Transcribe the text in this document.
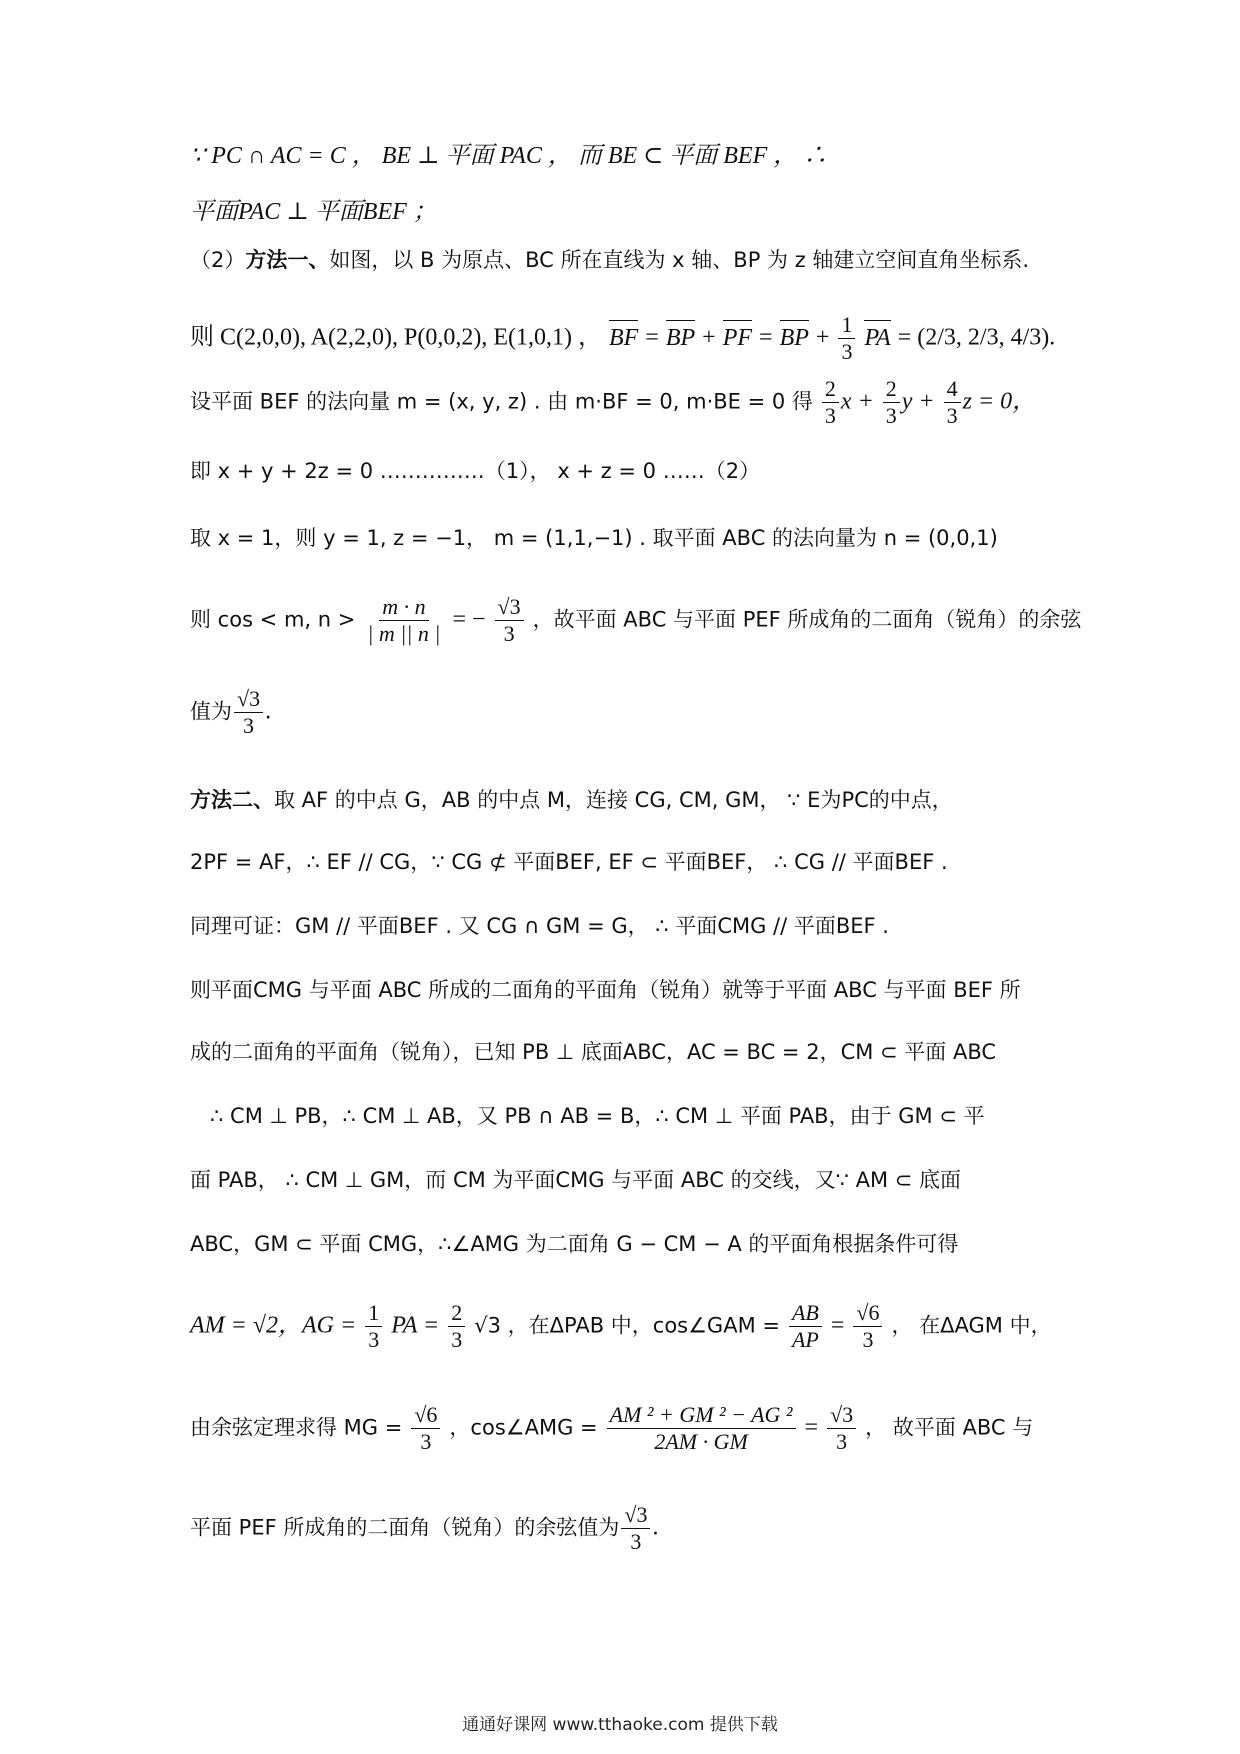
∵ PC ∩ AC = C ， BE ⊥ 平面 PAC ， 而 BE ⊂ 平面 BEF ， ∴
平面PAC ⊥ 平面BEF ；
（2）方法一、如图，以 B 为原点、BC 所在直线为 x 轴、BP 为 z 轴建立空间直角坐标系.
则 C(2,0,0), A(2,2,0), P(0,0,2), E(1,0,1) ， BF = BP + PF = BP + $\frac{1}{3}$ PA = (2/3, 2/3, 4/3).
设平面 BEF 的法向量 m = (x, y, z) . 由 m·BF = 0, m·BE = 0 得 $\frac{2}{3}$ $x + \frac{2}{3}$ $y + \frac{4}{3}$ z = 0，
即 x + y + 2z = 0 ……………（1）， x + z = 0 ……（2）
取 x = 1，则 y = 1, z = −1， m = (1,1,−1) . 取平面 ABC 的法向量为 n = (0,0,1)
则 cos < m, $n > \frac{m \cdot n}{| m || n |}$ = − $\frac{√3}{3}$ ，故平面 ABC 与平面 PEF 所成角的二面角（锐角）的余弦
值为 $\frac{√3}{3}$ .
方法二、取 AF 的中点 G，AB 的中点 M，连接 CG, CM, GM， ∵ E为PC的中点，
2PF = AF，∴ EF // CG，∵ CG ⊄ 平面BEF, EF ⊂ 平面BEF， ∴ CG // 平面BEF .
同理可证：GM // 平面BEF . 又 CG ∩ GM = G， ∴ 平面CMG // 平面BEF .
则平面CMG 与平面 ABC 所成的二面角的平面角（锐角）就等于平面 ABC 与平面 BEF 所
成的二面角的平面角（锐角），已知 PB ⊥ 底面ABC，AC = BC = 2，CM ⊂ 平面 ABC
∴ CM ⊥ PB，∴ CM ⊥ AB，又 PB ∩ AB = B，∴ CM ⊥ 平面 PAB，由于 GM ⊂ 平
面 PAB， ∴ CM ⊥ GM，而 CM 为平面CMG 与平面 ABC 的交线，又∵ AM ⊂ 底面
ABC，GM ⊂ 平面 CMG，∴∠AMG 为二面角 G − CM − A 的平面角根据条件可得
AM = √2，AG = $\frac{1}{3}$ PA = $\frac{2}{3} √3$ ，在ΔPAB 中，cos∠GAM = $\frac{AB}{AP} = \frac{√6}{3}$ ， 在ΔAGM 中，
由余弦定理求得 MG = $\frac{√6}{3}$ ，cos∠AMG = $\frac{\text{AM ² + GM ² − AG ²}}{2AM \cdot GM} = \frac{√3}{3}$ ， 故平面 ABC 与
平面 PEF 所成角的二面角（锐角）的余弦值为 $\frac{√3}{3}$ .
通通好课网 www.tthaoke.com 提供下载
